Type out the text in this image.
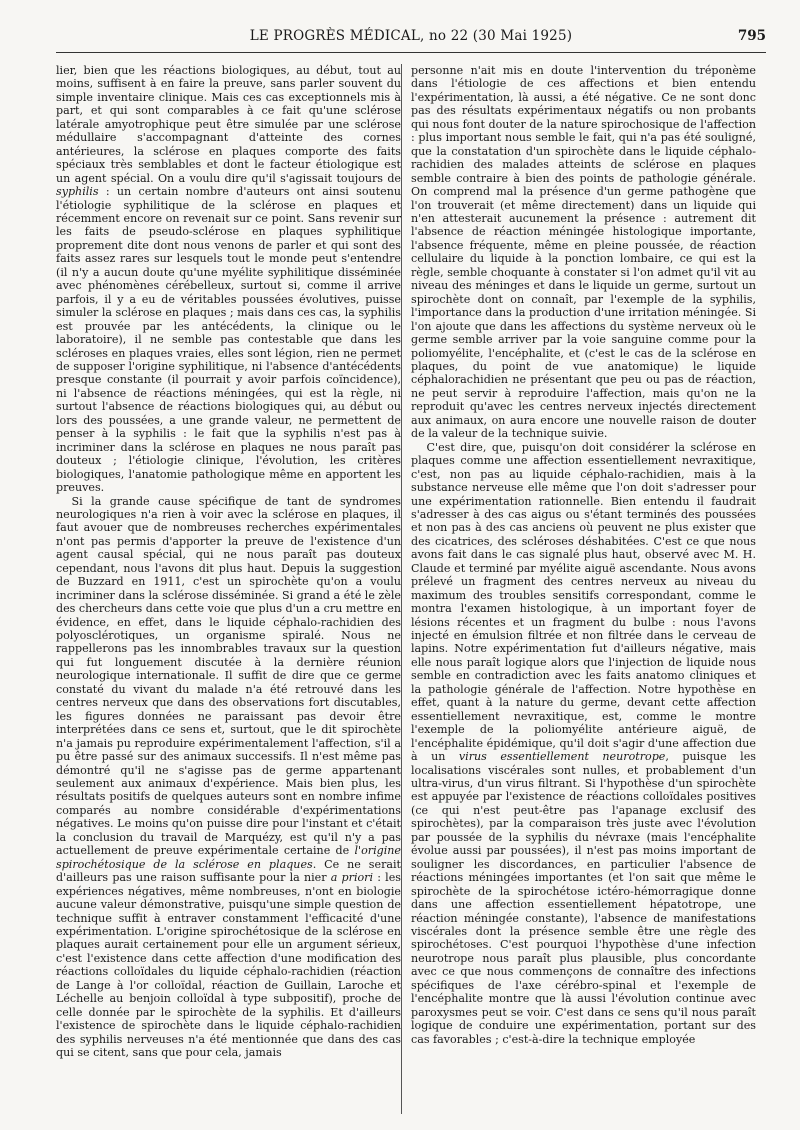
LE PROGRÈS MÉDICAL, no 22 (30 Mai 1925)	795

lier, bien que les réactions biologiques, au début, tout au moins, suffisent à en faire la preuve, sans parler souvent du simple inventaire clinique. Mais ces cas exceptionnels mis à part, et qui sont comparables à ce fait qu'une sclérose latérale amyotrophique peut être simulée par une sclérose médullaire s'accompagnant d'atteinte des cornes antérieures, la sclérose en plaques comporte des faits spéciaux très semblables et dont le facteur étiologique est un agent spécial. On a voulu dire qu'il s'agissait toujours de syphilis : un certain nombre d'auteurs ont ainsi soutenu l'étiologie syphilitique de la sclérose en plaques et récemment encore on revenait sur ce point. Sans revenir sur les faits de pseudo-sclérose en plaques syphilitique proprement dite dont nous venons de parler et qui sont des faits assez rares sur lesquels tout le monde peut s'entendre (il n'y a aucun doute qu'une myélite syphilitique disséminée avec phénomènes cérébelleux, surtout si, comme il arrive parfois, il y a eu de véritables poussées évolutives, puisse simuler la sclérose en plaques ; mais dans ces cas, la syphilis est prouvée par les antécédents, la clinique ou le laboratoire), il ne semble pas contestable que dans les scléroses en plaques vraies, elles sont légion, rien ne permet de supposer l'origine syphilitique, ni l'absence d'antécédents presque constante (il pourrait y avoir parfois coïncidence), ni l'absence de réactions méningées, qui est la règle, ni surtout l'absence de réactions biologiques qui, au début ou lors des poussées, a une grande valeur, ne permettent de penser à la syphilis : le fait que la syphilis n'est pas à incriminer dans la sclérose en plaques ne nous paraît pas douteux ; l'étiologie clinique, l'évolution, les critères biologiques, l'anatomie pathologique même en apportent les preuves.

Si la grande cause spécifique de tant de syndromes neurologiques n'a rien à voir avec la sclérose en plaques, il faut avouer que de nombreuses recherches expérimentales n'ont pas permis d'apporter la preuve de l'existence d'un agent causal spécial, qui ne nous paraît pas douteux cependant, nous l'avons dit plus haut. Depuis la suggestion de Buzzard en 1911, c'est un spirochète qu'on a voulu incriminer dans la sclérose disséminée. Si grand a été le zèle des chercheurs dans cette voie que plus d'un a cru mettre en évidence, en effet, dans le liquide céphalo-rachidien des polyosclérotiques, un organisme spiralé. Nous ne rappellerons pas les innombrables travaux sur la question qui fut longuement discutée à la dernière réunion neurologique internationale. Il suffit de dire que ce germe constaté du vivant du malade n'a été retrouvé dans les centres nerveux que dans des observations fort discutables, les figures données ne paraissant pas devoir être interprétées dans ce sens et, surtout, que le dit spirochète n'a jamais pu reproduire expérimentalement l'affection, s'il a pu être passé sur des animaux successifs. Il n'est même pas démontré qu'il ne s'agisse pas de germe appartenant seulement aux animaux d'expérience. Mais bien plus, les résultats positifs de quelques auteurs sont en nombre infime comparés au nombre considérable d'expérimentations négatives. Le moins qu'on puisse dire pour l'instant et c'était la conclusion du travail de Marquézy, est qu'il n'y a pas actuellement de preuve expérimentale certaine de l'origine spirochétosique de la sclérose en plaques. Ce ne serait d'ailleurs pas une raison suffisante pour la nier a priori : les expériences négatives, même nombreuses, n'ont en biologie aucune valeur démonstrative, puisqu'une simple question de technique suffit à entraver constamment l'efficacité d'une expérimentation. L'origine spirochétosique de la sclérose en plaques aurait certainement pour elle un argument sérieux, c'est l'existence dans cette affection d'une modification des réactions colloïdales du liquide céphalo-rachidien (réaction de Lange à l'or colloïdal, réaction de Guillain, Laroche et Léchelle au benjoin colloïdal à type subpositif), proche de celle donnée par le spirochète de la syphilis. Et d'ailleurs l'existence de spirochète dans le liquide céphalo-rachidien des syphilis nerveuses n'a été mentionnée que dans des cas qui se citent, sans que pour cela, jamais

personne n'ait mis en doute l'intervention du tréponème dans l'étiologie de ces affections et bien entendu l'expérimentation, là aussi, a été négative. Ce ne sont donc pas des résultats expérimentaux négatifs ou non probants qui nous font douter de la nature spirochosique de l'affection : plus important nous semble le fait, qui n'a pas été souligné, que la constatation d'un spirochète dans le liquide céphalo-rachidien des malades atteints de sclérose en plaques semble contraire à bien des points de pathologie générale. On comprend mal la présence d'un germe pathogène que l'on trouverait (et même directement) dans un liquide qui n'en attesterait aucunement la présence : autrement dit l'absence de réaction méningée histologique importante, l'absence fréquente, même en pleine poussée, de réaction cellulaire du liquide à la ponction lombaire, ce qui est la règle, semble choquante à constater si l'on admet qu'il vit au niveau des méninges et dans le liquide un germe, surtout un spirochète dont on connaît, par l'exemple de la syphilis, l'importance dans la production d'une irritation méningée. Si l'on ajoute que dans les affections du système nerveux où le germe semble arriver par la voie sanguine comme pour la poliomyélite, l'encéphalite, et (c'est le cas de la sclérose en plaques, du point de vue anatomique) le liquide céphalorachidien ne présentant que peu ou pas de réaction, ne peut servir à reproduire l'affection, mais qu'on ne la reproduit qu'avec les centres nerveux injectés directement aux animaux, on aura encore une nouvelle raison de douter de la valeur de la technique suivie.

C'est dire, que, puisqu'on doit considérer la sclérose en plaques comme une affection essentiellement nevraxitique, c'est, non pas au liquide céphalo-rachidien, mais à la substance nerveuse elle même que l'on doit s'adresser pour une expérimentation rationnelle. Bien entendu il faudrait s'adresser à des cas aigus ou s'étant terminés des poussées et non pas à des cas anciens où peuvent ne plus exister que des cicatrices, des scléroses déshabitées. C'est ce que nous avons fait dans le cas signalé plus haut, observé avec M. H. Claude et terminé par myélite aiguë ascendante. Nous avons prélevé un fragment des centres nerveux au niveau du maximum des troubles sensitifs correspondant, comme le montra l'examen histologique, à un important foyer de lésions récentes et un fragment du bulbe : nous l'avons injecté en émulsion filtrée et non filtrée dans le cerveau de lapins. Notre expérimentation fut d'ailleurs négative, mais elle nous paraît logique alors que l'injection de liquide nous semble en contradiction avec les faits anatomo cliniques et la pathologie générale de l'affection. Notre hypothèse en effet, quant à la nature du germe, devant cette affection essentiellement nevraxitique, est, comme le montre l'exemple de la poliomyélite antérieure aiguë, de l'encéphalite épidémique, qu'il doit s'agir d'une affection due à un virus essentiellement neurotrope, puisque les localisations viscérales sont nulles, et probablement d'un ultra-virus, d'un virus filtrant. Si l'hypothèse d'un spirochète est appuyée par l'existence de réactions colloïdales positives (ce qui n'est peut-être pas l'apanage exclusif des spirochètes), par la comparaison très juste avec l'évolution par poussée de la syphilis du névraxe (mais l'encéphalite évolue aussi par poussées), il n'est pas moins important de souligner les discordances, en particulier l'absence de réactions méningées importantes (et l'on sait que même le spirochète de la spirochétose ictéro-hémorragique donne dans une affection essentiellement hépatotrope, une réaction méningée constante), l'absence de manifestations viscérales dont la présence semble être une règle des spirochétoses. C'est pourquoi l'hypothèse d'une infection neurotrope nous paraît plus plausible, plus concordante avec ce que nous commençons de connaître des infections spécifiques de l'axe cérébro-spinal et l'exemple de l'encéphalite montre que là aussi l'évolution continue avec paroxysmes peut se voir. C'est dans ce sens qu'il nous paraît logique de conduire une expérimentation, portant sur des cas favorables ; c'est-à-dire la technique employée
